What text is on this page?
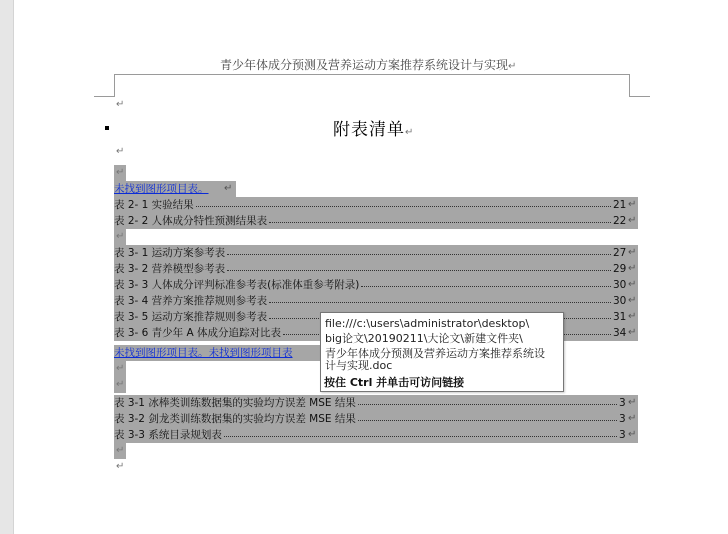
青少年体成分预测及营养运动方案推荐系统设计与实现↵
↵
附表清单↵
↵
↵
未找到图形项目表。 ↵
表 2- 1 实验结果	21 ↵
表 2- 2 人体成分特性预测结果表	22 ↵
↵
表 3- 1 运动方案参考表	27 ↵
表 3- 2 营养模型参考表	29 ↵
表 3- 3 人体成分评判标准参考表(标准体重参考附录)	30 ↵
表 3- 4 营养方案推荐规则参考表	30 ↵
表 3- 5 运动方案推荐规则参考表	31 ↵
表 3- 6 青少年 A 体成分追踪对比表	34 ↵
未找到图形项目表。未找到图形项目表
↵
↵
表 3-1 冰棒类训练数据集的实验均方误差 MSE 结果	3 ↵
表 3-2 剑龙类训练数据集的实验均方误差 MSE 结果	3 ↵
表 3-3 系统目录规划表	3 ↵
↵
↵
file:///c:\users\administrator\desktop\
big论文\20190211\大论文\新建文件夹\
青少年体成分预测及营养运动方案推荐系统设
计与实现.doc
按住 Ctrl 并单击可访问链接
